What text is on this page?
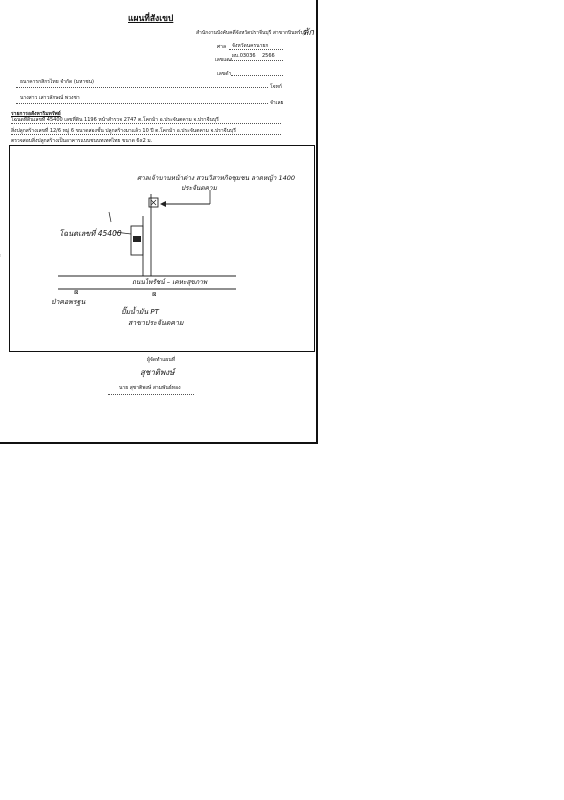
แผนที่สังเขป
สำนักงานบังคับคดีจังหวัดปราจีนบุรี สาขากบินทร์บุรี
ลัก
ศาล จังหวัดนครนายก
เลขแดง
ผบ.03036 2566
เลขดำ
ธนาคารกสิกรไทย จำกัด (มหาชน)
โจทก์
นางสาว เสาวลักษณ์ พวงชา
จำเลย
รายการอสังหาริมทรัพย์
โฉนดที่ดินเลขที่ 45400 เลขที่ดิน 1196 หน้าสำรวจ 2747 ต.โคกม้า อ.ประจันตคาม จ.ปราจีนบุรี
สิ่งปลูกสร้างเลขที่ 12/6 หมู่ 6 ขนาดสองชั้น ปลูกสร้างมาแล้ว 10 ปี ต.โคกม้า อ.ประจันตคาม จ.ปราจีนบุรี
ตรวจสอบสิ่งปลูกสร้างเป็นอาคารแบบชนบทเทศไทย ขนาด 6x2 ม.
ศาลเจ้าบานหน้าต่าง สวนวิสาหกิจชุมชน ลาดหญ้า 1400
ประจันตคาม
โฉนดเลขที่ 45400
ถนนไพรัชน์ – เคหะสุขภาพ
⊠
ป่าคอพรฐน
⊠
ปั๊มน้ำมัน PT
สาขาประจันตคาม
ผู้จัดทำแผนที่
สุชาติพงษ์
นาย สุชาติพงษ์ สามพันธ์ทอง
